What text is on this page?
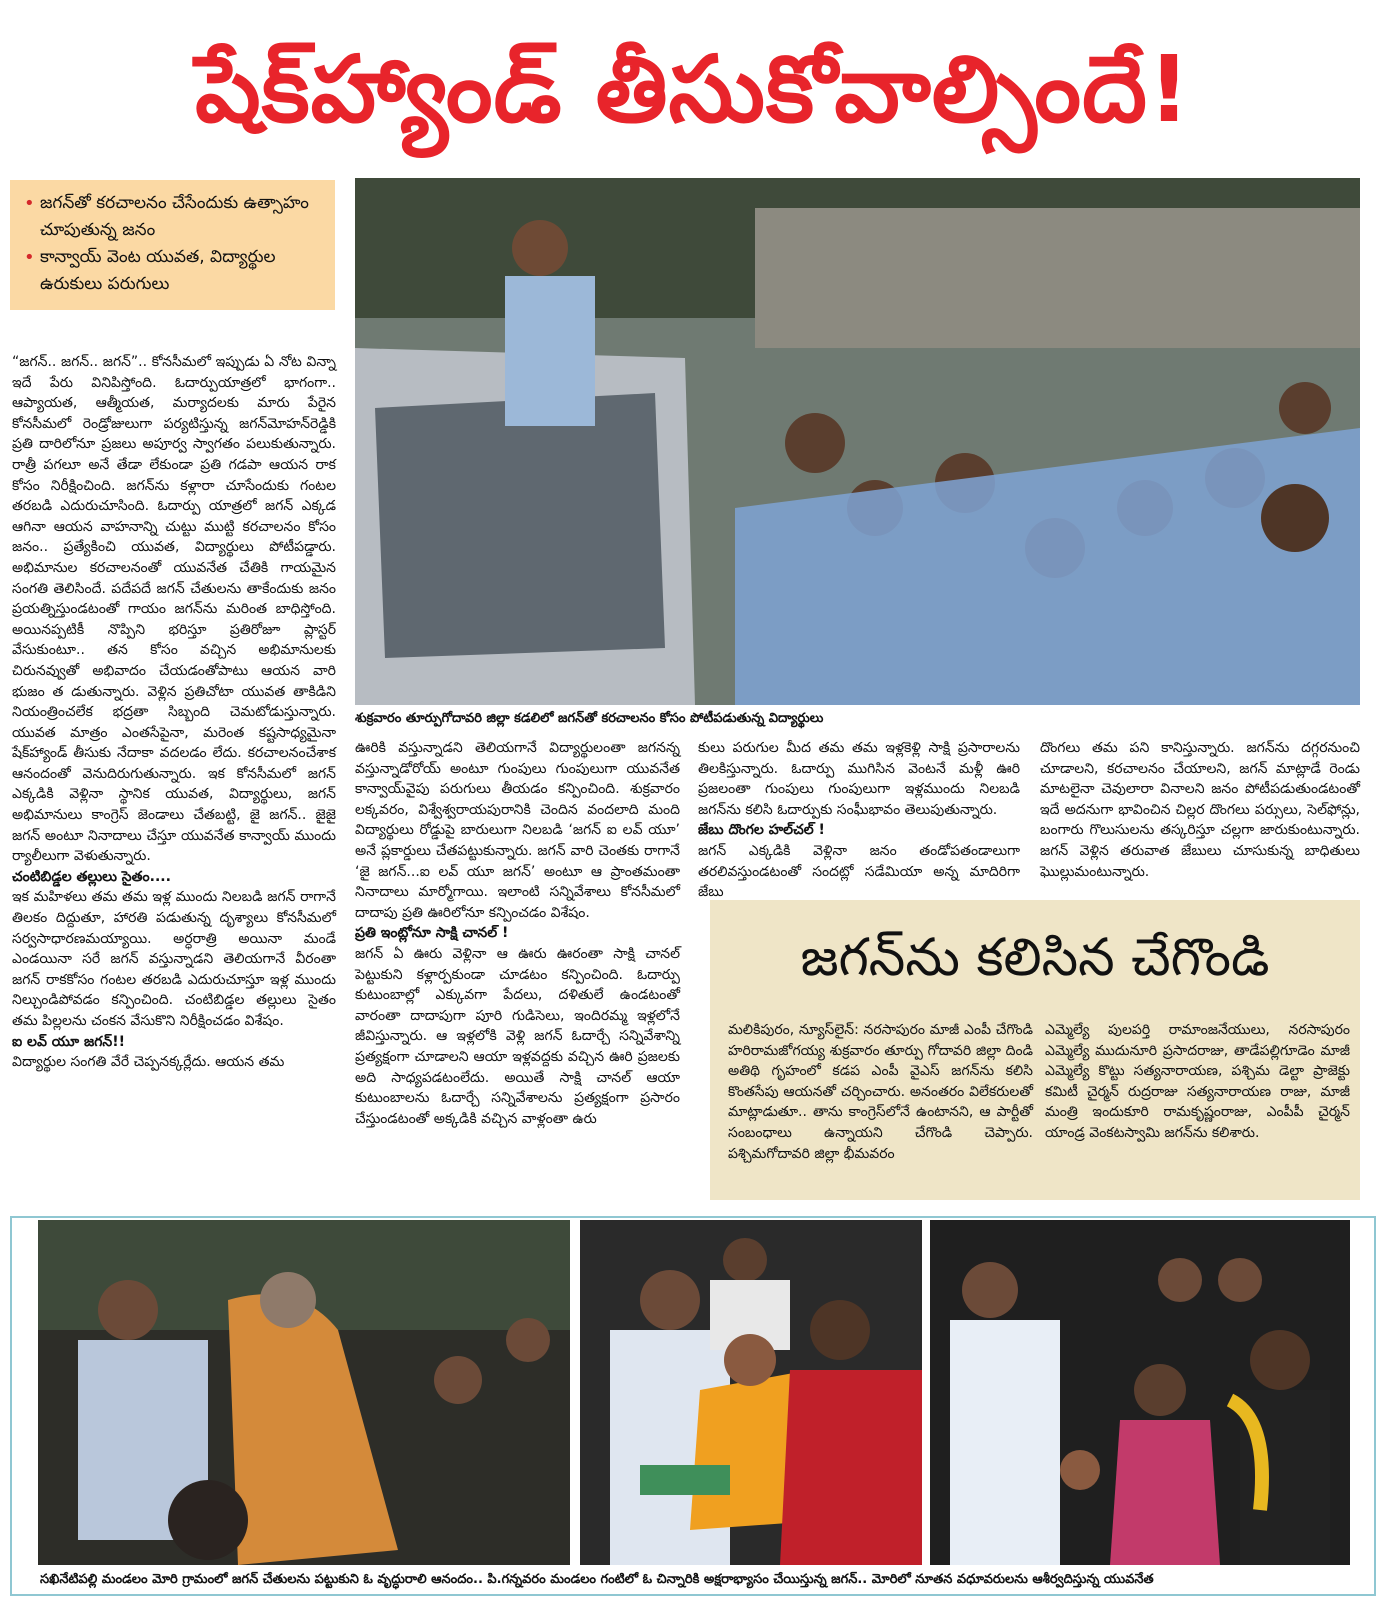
షేక్‌హ్యాండ్ తీసుకోవాల్సిందే!
• జగన్‌తో కరచాలనం చేసేందుకు ఉత్సాహం చూపుతున్న జనం
• కాన్వాయ్ వెంట యువత, విద్యార్థుల ఉరుకులు పరుగులు
శుక్రవారం తూర్పుగోదావరి జిల్లా కడలిలో జగన్‌తో కరచాలనం కోసం పోటీపడుతున్న విద్యార్థులు

“జగన్.. జగన్.. జగన్”.. కోనసీమలో ఇప్పుడు ఏ నోట విన్నా ఇదే పేరు వినిపిస్తోంది. ఓదార్పుయాత్రలో భాగంగా.. ఆప్యాయత, ఆత్మీయత, మర్యాదలకు మారు పేరైన కోనసీమలో రెండ్రోజులుగా పర్యటిస్తున్న జగన్‌మోహన్‌రెడ్డికి ప్రతి దారిలోనూ ప్రజలు అపూర్వ స్వాగతం పలుకుతున్నారు. రాత్రీ పగలూ అనే తేడా లేకుండా ప్రతి గడపా ఆయన రాక కోసం నిరీక్షించింది. జగన్‌ను కళ్లారా చూసేందుకు గంటల తరబడి ఎదురుచూసింది. ఓదార్పు యాత్రలో జగన్ ఎక్కడ ఆగినా ఆయన వాహనాన్ని చుట్టు ముట్టి కరచాలనం కోసం జనం.. ప్రత్యేకించి యువత, విద్యార్థులు పోటీపడ్డారు. అభిమానుల కరచాలనంతో యువనేత చేతికి గాయమైన సంగతి తెలిసిందే. పదేపదే జగన్ చేతులను తాకేందుకు జనం ప్రయత్నిస్తుండటంతో గాయం జగన్‌ను మరింత బాధిస్తోంది. అయినప్పటికీ నొప్పిని భరిస్తూ ప్రతిరోజూ ప్లాస్టర్ వేసుకుంటూ.. తన కోసం వచ్చిన అభిమానులకు చిరునవ్వుతో అభివాదం చేయడంతోపాటు ఆయన వారి భుజం త డుతున్నారు. వెళ్లిన ప్రతిచోటా యువత తాకిడిని నియంత్రించలేక భద్రతా సిబ్బంది చెమటోడుస్తున్నారు. యువత మాత్రం ఎంతసేపైనా, మరెంత కష్టసాధ్యమైనా షేక్‌హ్యాండ్ తీసుకు నేదాకా వదలడం లేదు. కరచాలనంచేశాక ఆనందంతో వెనుదిరుగుతున్నారు. ఇక కోనసీమలో జగన్ ఎక్కడికి వెళ్లినా స్థానిక యువత, విద్యార్థులు, జగన్ అభిమానులు కాంగ్రెస్ జెండాలు చేతబట్టి, జై జగన్.. జైజై జగన్ అంటూ నినాదాలు చేస్తూ యువనేత కాన్వాయ్ ముందు ర్యాలీలుగా వెళుతున్నారు.

చంటిబిడ్డల తల్లులు సైతం....

ఇక మహిళలు తమ తమ ఇళ్ల ముందు నిలబడి జగన్ రాగానే తిలకం దిద్దుతూ, హారతి పడుతున్న దృశ్యాలు కోనసీమలో సర్వసాధారణమయ్యాయి. అర్ధరాత్రి అయినా మండే ఎండయినా సరే జగన్ వస్తున్నాడని తెలియగానే వీరంతా జగన్ రాకకోసం గంటల తరబడి ఎదురుచూస్తూ ఇళ్ల ముందు నిల్చుండిపోవడం కన్పించింది. చంటిబిడ్డల తల్లులు సైతం తమ పిల్లలను చంకన వేసుకొని నిరీక్షించడం విశేషం.

ఐ లవ్ యూ జగన్!!

విద్యార్థుల సంగతి వేరే చెప్పనక్కర్లేదు. ఆయన తమ

ఊరికి వస్తున్నాడని తెలియగానే విద్యార్థులంతా జగనన్న వస్తున్నాడోరోయ్ అంటూ గుంపులు గుంపులుగా యువనేత కాన్వాయ్‌వైపు పరుగులు తీయడం కన్పించింది. శుక్రవారం లక్కవరం, విశ్వేశ్వరాయపురానికి చెందిన వందలాది మంది విద్యార్థులు రోడ్డుపై బారులుగా నిలబడి ‘జగన్ ఐ లవ్ యూ’ అనే ప్లకార్డులు చేతపట్టుకున్నారు. జగన్ వారి చెంతకు రాగానే ‘జై జగన్...ఐ లవ్ యూ జగన్’ అంటూ ఆ ప్రాంతమంతా నినాదాలు మార్మోగాయి. ఇలాంటి సన్నివేశాలు కోనసీమలో దాదాపు ప్రతి ఊరిలోనూ కన్పించడం విశేషం.

ప్రతి ఇంట్లోనూ సాక్షి చానల్ !

జగన్ ఏ ఊరు వెళ్లినా ఆ ఊరు ఊరంతా సాక్షి చానల్ పెట్టుకుని కళ్లార్పకుండా చూడటం కన్పించింది. ఓదార్పు కుటుంబాల్లో ఎక్కువగా పేదలు, దళితులే ఉండటంతో వారంతా దాదాపుగా పూరి గుడిసెలు, ఇందిరమ్మ ఇళ్లలోనే జీవిస్తున్నారు. ఆ ఇళ్లలోకి వెళ్లి జగన్ ఓదార్చే సన్నివేశాన్ని ప్రత్యక్షంగా చూడాలని ఆయా ఇళ్లవద్దకు వచ్చిన ఊరి ప్రజలకు అది సాధ్యపడటంలేదు. అయితే సాక్షి చానల్ ఆయా కుటుంబాలను ఓదార్చే సన్నివేశాలను ప్రత్యక్షంగా ప్రసారం చేస్తుండటంతో అక్కడికి వచ్చిన వాళ్లంతా ఉరు

కులు పరుగుల మీద తమ తమ ఇళ్లకెళ్లి సాక్షి ప్రసారాలను తిలకిస్తున్నారు. ఓదార్పు ముగిసిన వెంటనే మళ్లీ ఊరి ప్రజలంతా గుంపులు గుంపులుగా ఇళ్లముందు నిలబడి జగన్‌ను కలిసి ఓదార్పుకు సంఘీభావం తెలుపుతున్నారు.

జేబు దొంగల హల్‌చల్ !

జగన్ ఎక్కడికి వెళ్లినా జనం తండోపతండాలుగా తరలివస్తుండటంతో సందట్లో సడేమియా అన్న మాదిరిగా జేబు

దొంగలు తమ పని కానిస్తున్నారు. జగన్‌ను దగ్గరనుంచి చూడాలని, కరచాలనం చేయాలని, జగన్ మాట్లాడే రెండు మాటలైనా చెవులారా వినాలని జనం పోటీపడుతుండటంతో ఇదే అదనుగా భావించిన చిల్లర దొంగలు పర్సులు, సెల్‌ఫోన్లు, బంగారు గొలుసులను తస్కరిస్తూ చల్లగా జారుకుంటున్నారు. జగన్ వెళ్లిన తరువాత జేబులు చూసుకున్న బాధితులు ఘొల్లుమంటున్నారు.

జగన్‌ను కలిసిన చేగొండి

మలికిపురం, న్యూస్‌లైన్: నరసాపురం మాజీ ఎంపీ చేగొండి హరిరామజోగయ్య శుక్రవారం తూర్పు గోదావరి జిల్లా దిండి అతిథి గృహంలో కడప ఎంపీ వైఎస్ జగన్‌ను కలిసి కొంతసేపు ఆయనతో చర్చించారు. అనంతరం విలేకరులతో మాట్లాడుతూ.. తాను కాంగ్రెస్‌లోనే ఉంటానని, ఆ పార్టీతో సంబంధాలు ఉన్నాయని చేగొండి చెప్పారు. పశ్చిమగోదావరి జిల్లా భీమవరం

ఎమ్మెల్యే పులపర్తి రామాంజనేయులు, నరసాపురం ఎమ్మెల్యే ముదునూరి ప్రసాదరాజు, తాడేపల్లిగూడెం మాజీ ఎమ్మెల్యే కొట్టు సత్యనారాయణ, పశ్చిమ డెల్టా ప్రాజెక్టు కమిటీ చైర్మన్ రుద్రరాజు సత్యనారాయణ రాజు, మాజీ మంత్రి ఇందుకూరి రామకృష్ణంరాజు, ఎంపీపీ చైర్మన్ యాండ్ర వెంకటస్వామి జగన్‌ను కలిశారు.

సఖినేటిపల్లి మండలం మోరి గ్రామంలో జగన్ చేతులను పట్టుకుని ఓ వృద్ధురాలి ఆనందం.. పి.గన్నవరం మండలం గంటిలో ఓ చిన్నారికి అక్షరాభ్యాసం చేయిస్తున్న జగన్.. మోరిలో నూతన వధూవరులను ఆశీర్వదిస్తున్న యువనేత
